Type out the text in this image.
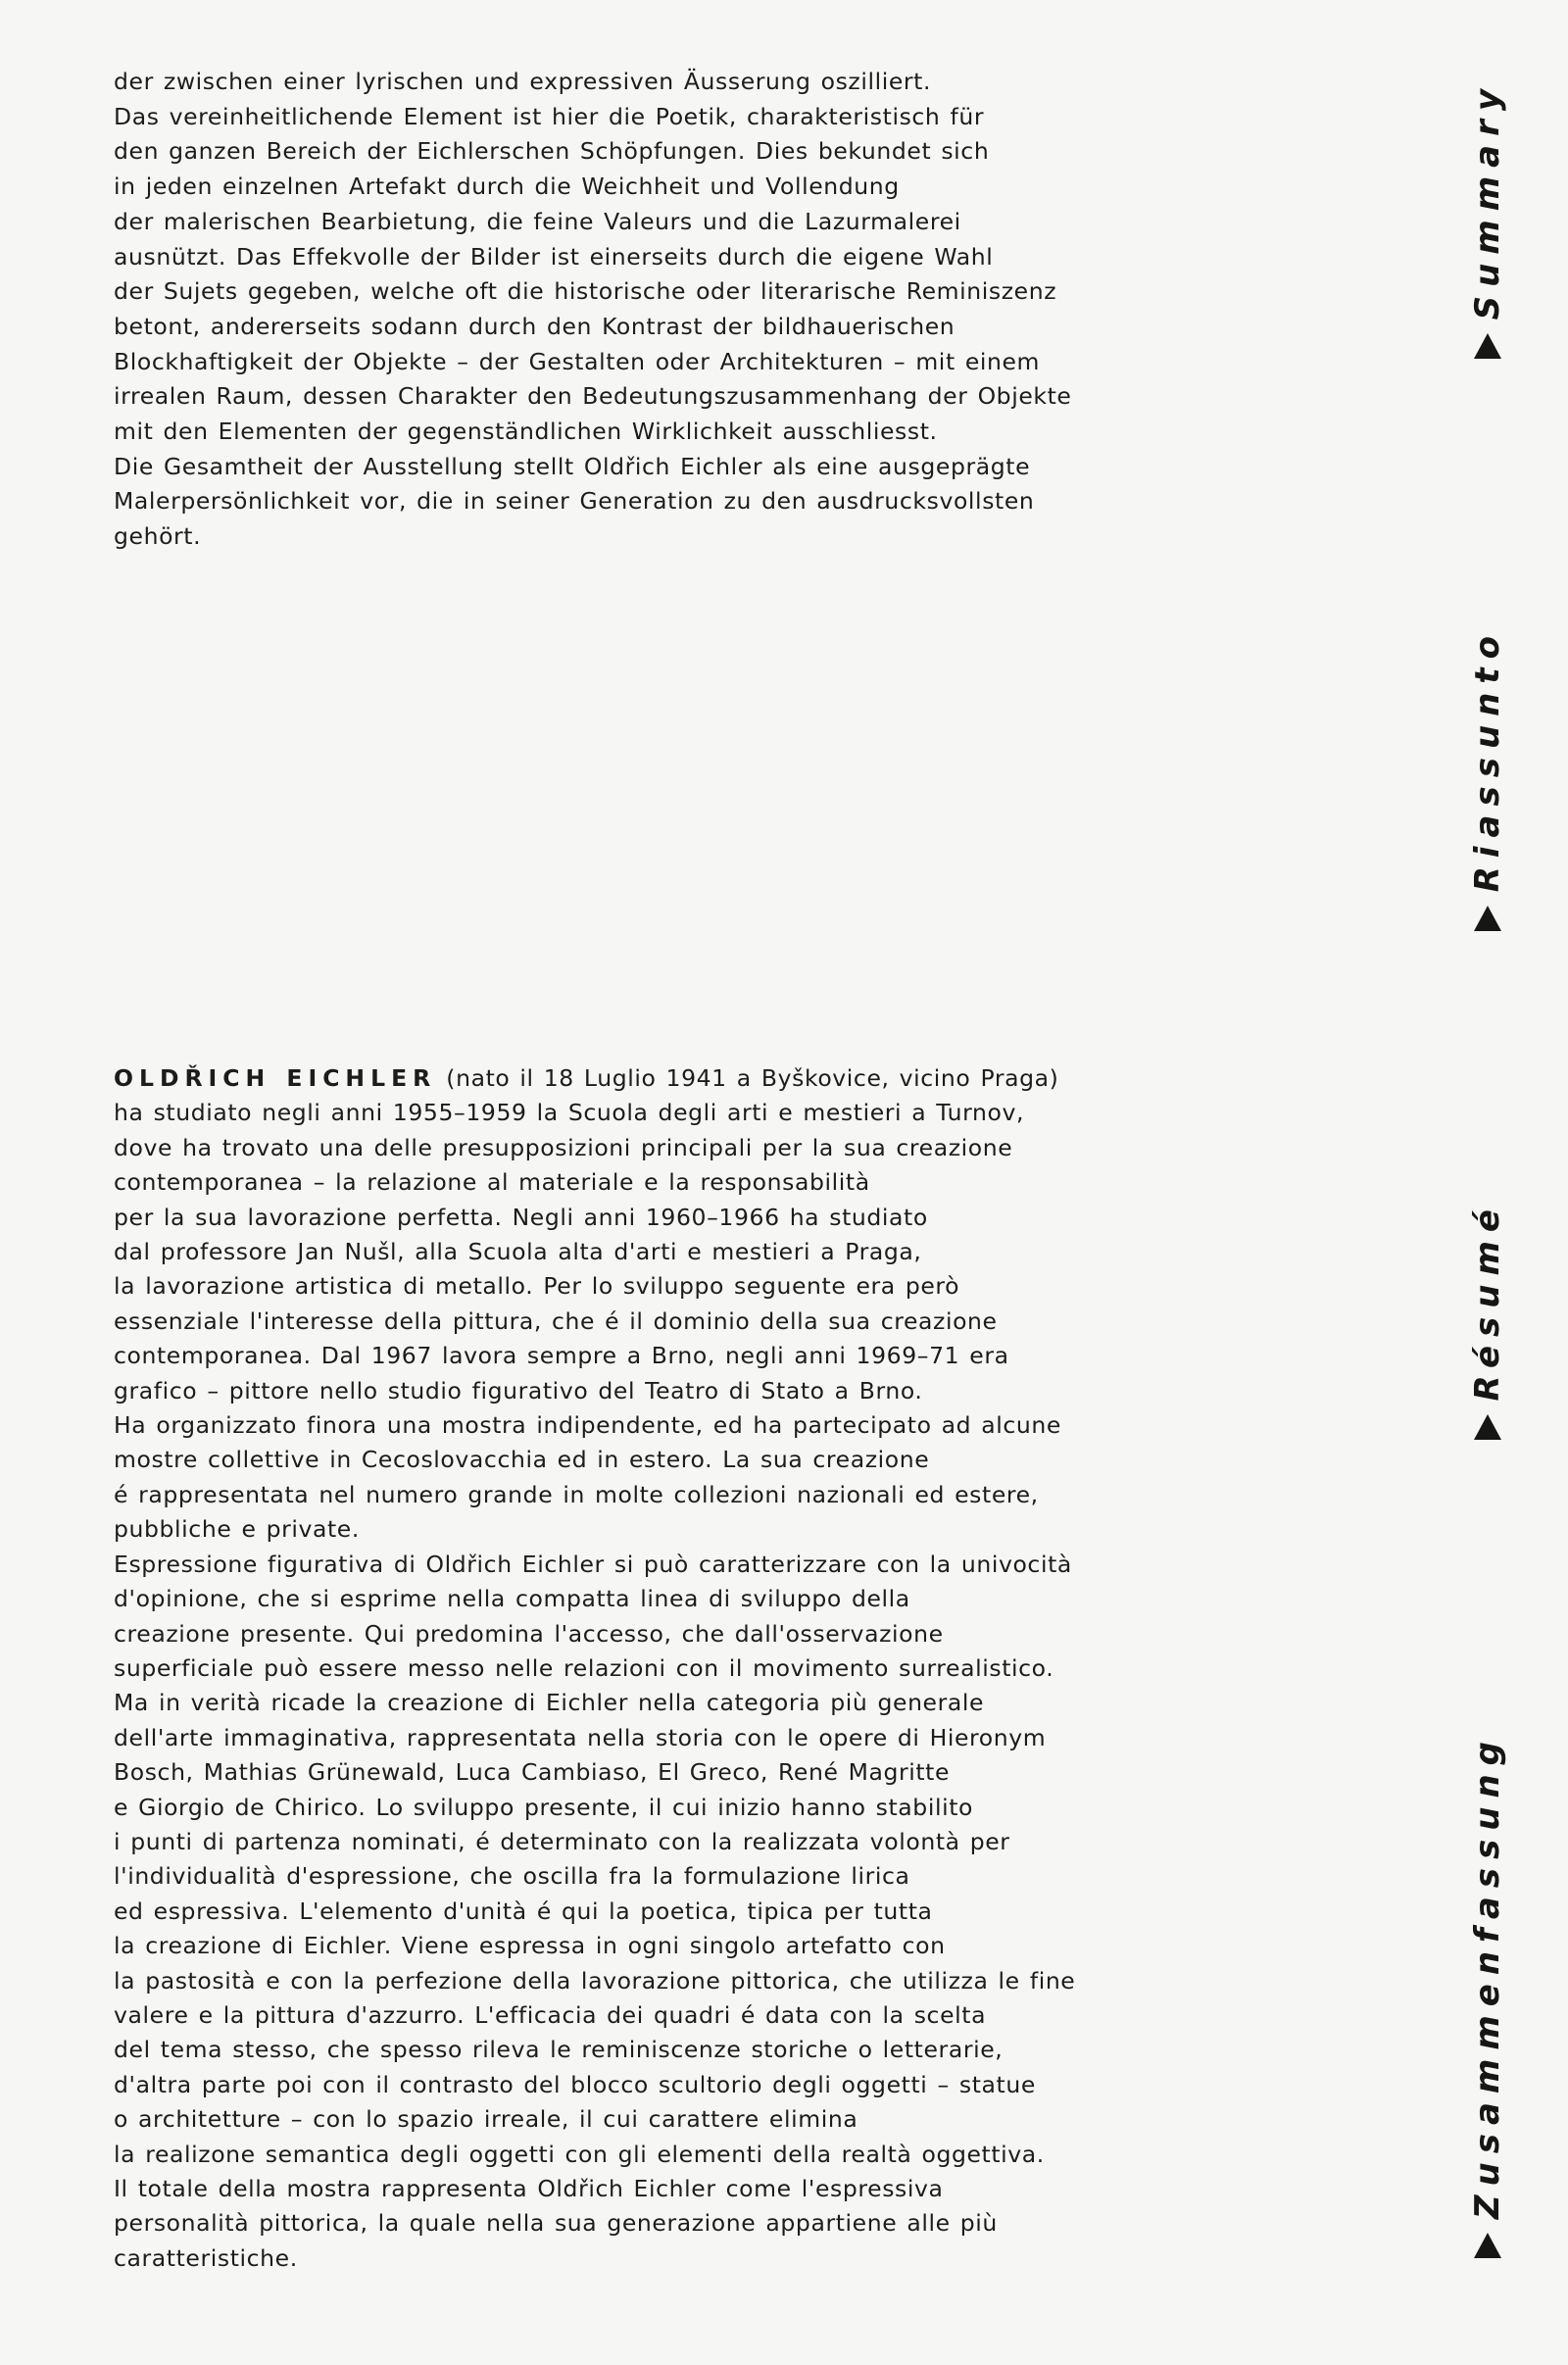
der zwischen einer lyrischen und expressiven Äusserung oszilliert.
Das vereinheitlichende Element ist hier die Poetik, charakteristisch für
den ganzen Bereich der Eichlerschen Schöpfungen. Dies bekundet sich
in jeden einzelnen Artefakt durch die Weichheit und Vollendung
der malerischen Bearbietung, die feine Valeurs und die Lazurmalerei
ausnützt. Das Effekvolle der Bilder ist einerseits durch die eigene Wahl
der Sujets gegeben, welche oft die historische oder literarische Reminiszenz
betont, andererseits sodann durch den Kontrast der bildhauerischen
Blockhaftigkeit der Objekte – der Gestalten oder Architekturen – mit einem
irrealen Raum, dessen Charakter den Bedeutungszusammenhang der Objekte
mit den Elementen der gegenständlichen Wirklichkeit ausschliesst.
Die Gesamtheit der Ausstellung stellt Oldřich Eichler als eine ausgeprägte
Malerpersönlichkeit vor, die in seiner Generation zu den ausdrucksvollsten
gehört.
OLDŘICH EICHLER (nato il 18 Luglio 1941 a Byškovice, vicino Praga)
ha studiato negli anni 1955–1959 la Scuola degli arti e mestieri a Turnov,
dove ha trovato una delle presupposizioni principali per la sua creazione
contemporanea – la relazione al materiale e la responsabilità
per la sua lavorazione perfetta. Negli anni 1960–1966 ha studiato
dal professore Jan Nušl, alla Scuola alta d'arti e mestieri a Praga,
la lavorazione artistica di metallo. Per lo sviluppo seguente era però
essenziale l'interesse della pittura, che é il dominio della sua creazione
contemporanea. Dal 1967 lavora sempre a Brno, negli anni 1969–71 era
grafico – pittore nello studio figurativo del Teatro di Stato a Brno.
Ha organizzato finora una mostra indipendente, ed ha partecipato ad alcune
mostre collettive in Cecoslovacchia ed in estero. La sua creazione
é rappresentata nel numero grande in molte collezioni nazionali ed estere,
pubbliche e private.
Espressione figurativa di Oldřich Eichler si può caratterizzare con la univocità
d'opinione, che si esprime nella compatta linea di sviluppo della
creazione presente. Qui predomina l'accesso, che dall'osservazione
superficiale può essere messo nelle relazioni con il movimento surrealistico.
Ma in verità ricade la creazione di Eichler nella categoria più generale
dell'arte immaginativa, rappresentata nella storia con le opere di Hieronym
Bosch, Mathias Grünewald, Luca Cambiaso, El Greco, René Magritte
e Giorgio de Chirico. Lo sviluppo presente, il cui inizio hanno stabilito
i punti di partenza nominati, é determinato con la realizzata volontà per
l'individualità d'espressione, che oscilla fra la formulazione lirica
ed espressiva. L'elemento d'unità é qui la poetica, tipica per tutta
la creazione di Eichler. Viene espressa in ogni singolo artefatto con
la pastosità e con la perfezione della lavorazione pittorica, che utilizza le fine
valere e la pittura d'azzurro. L'efficacia dei quadri é data con la scelta
del tema stesso, che spesso rileva le reminiscenze storiche o letterarie,
d'altra parte poi con il contrasto del blocco scultorio degli oggetti – statue
o architetture – con lo spazio irreale, il cui carattere elimina
la realizone semantica degli oggetti con gli elementi della realtà oggettiva.
Il totale della mostra rappresenta Oldřich Eichler come l'espressiva
personalità pittorica, la quale nella sua generazione appartiene alle più
caratteristiche.
Summary
Riassunto
Résumé
Zusammenfassung
